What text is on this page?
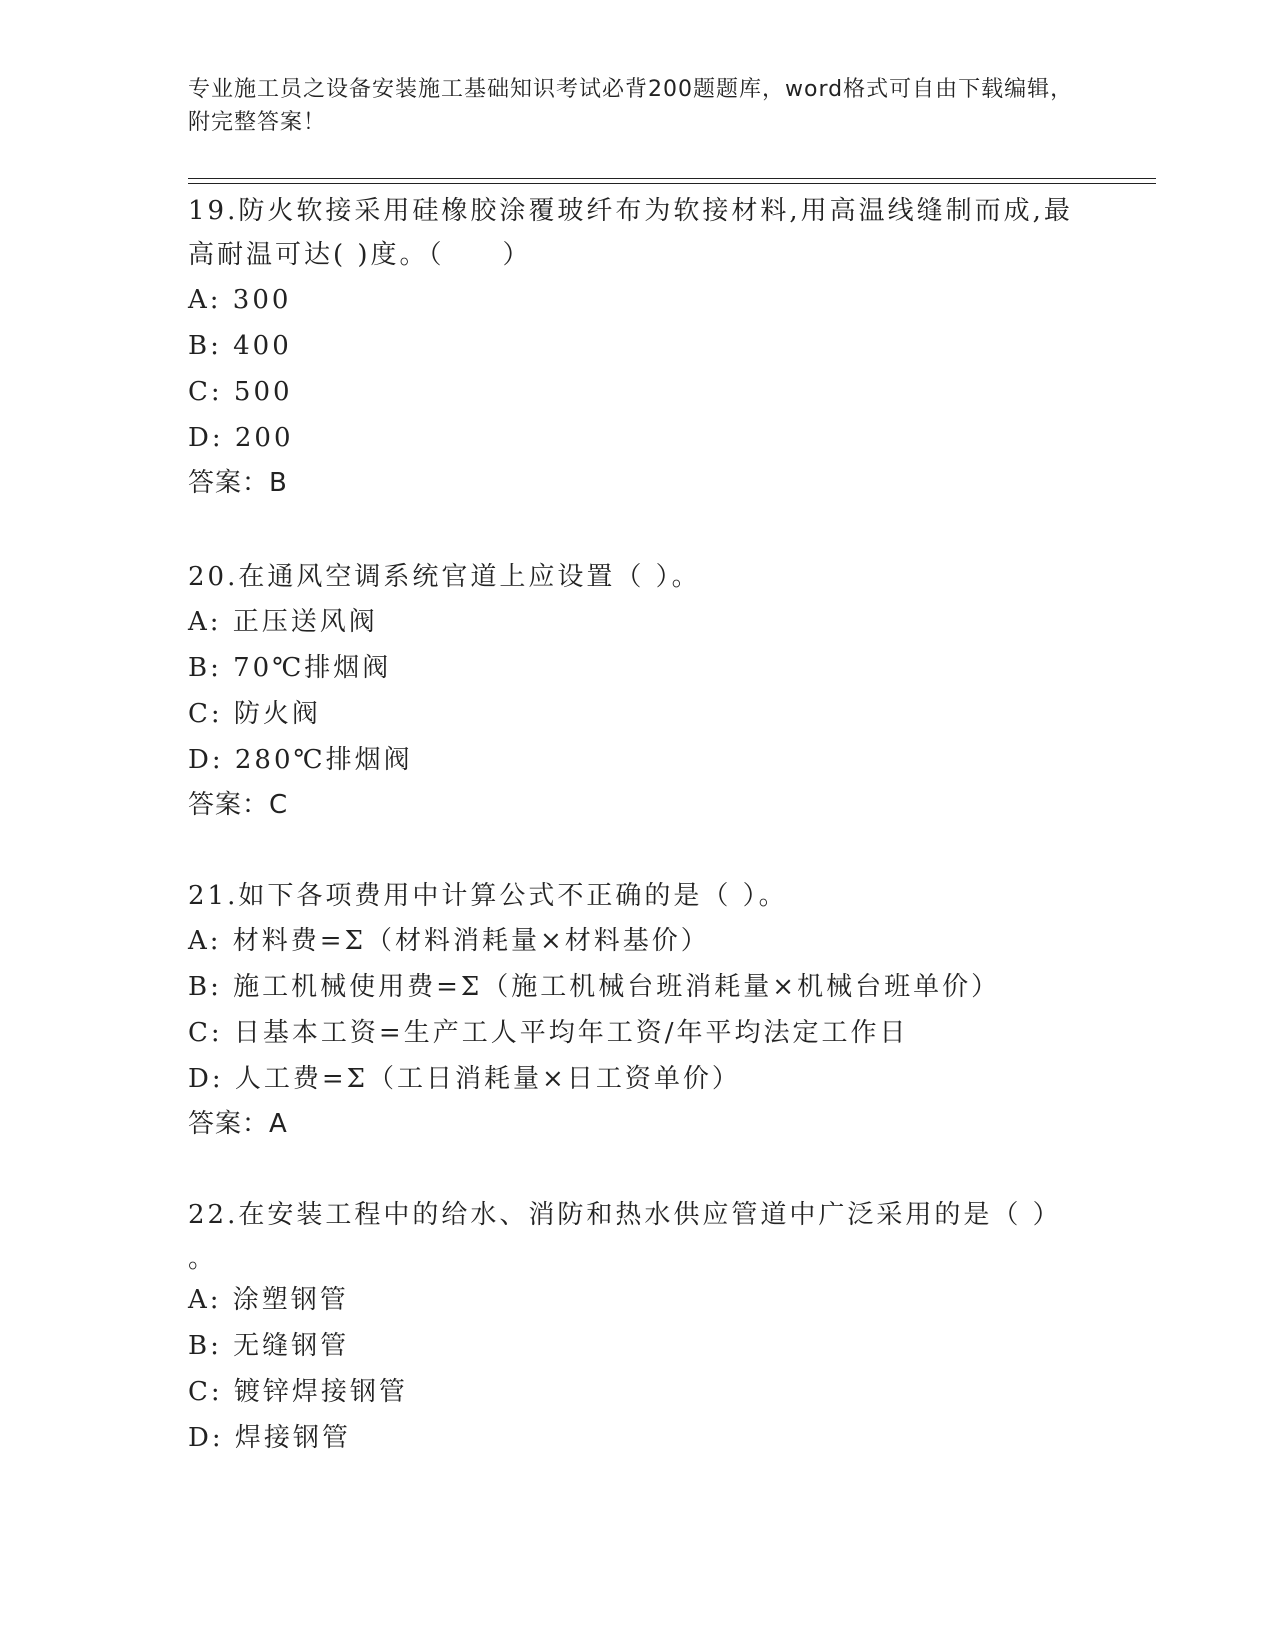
专业施工员之设备安装施工基础知识考试必背200题题库，word格式可自由下载编辑，附完整答案！
19.防火软接采用硅橡胶涂覆玻纤布为软接材料,用高温线缝制而成,最
高耐温可达( )度。（　　）
A: 300
B: 400
C: 500
D: 200
答案：B
20.在通风空调系统官道上应设置（ ）。
A: 正压送风阀
B: 70℃排烟阀
C: 防火阀
D: 280℃排烟阀
答案：C
21.如下各项费用中计算公式不正确的是（ ）。
A: 材料费=Σ（材料消耗量×材料基价）
B: 施工机械使用费=Σ（施工机械台班消耗量×机械台班单价）
C: 日基本工资=生产工人平均年工资/年平均法定工作日
D: 人工费=Σ（工日消耗量×日工资单价）
答案：A
22.在安装工程中的给水、消防和热水供应管道中广泛采用的是（ ）
。
A: 涂塑钢管
B: 无缝钢管
C: 镀锌焊接钢管
D: 焊接钢管
